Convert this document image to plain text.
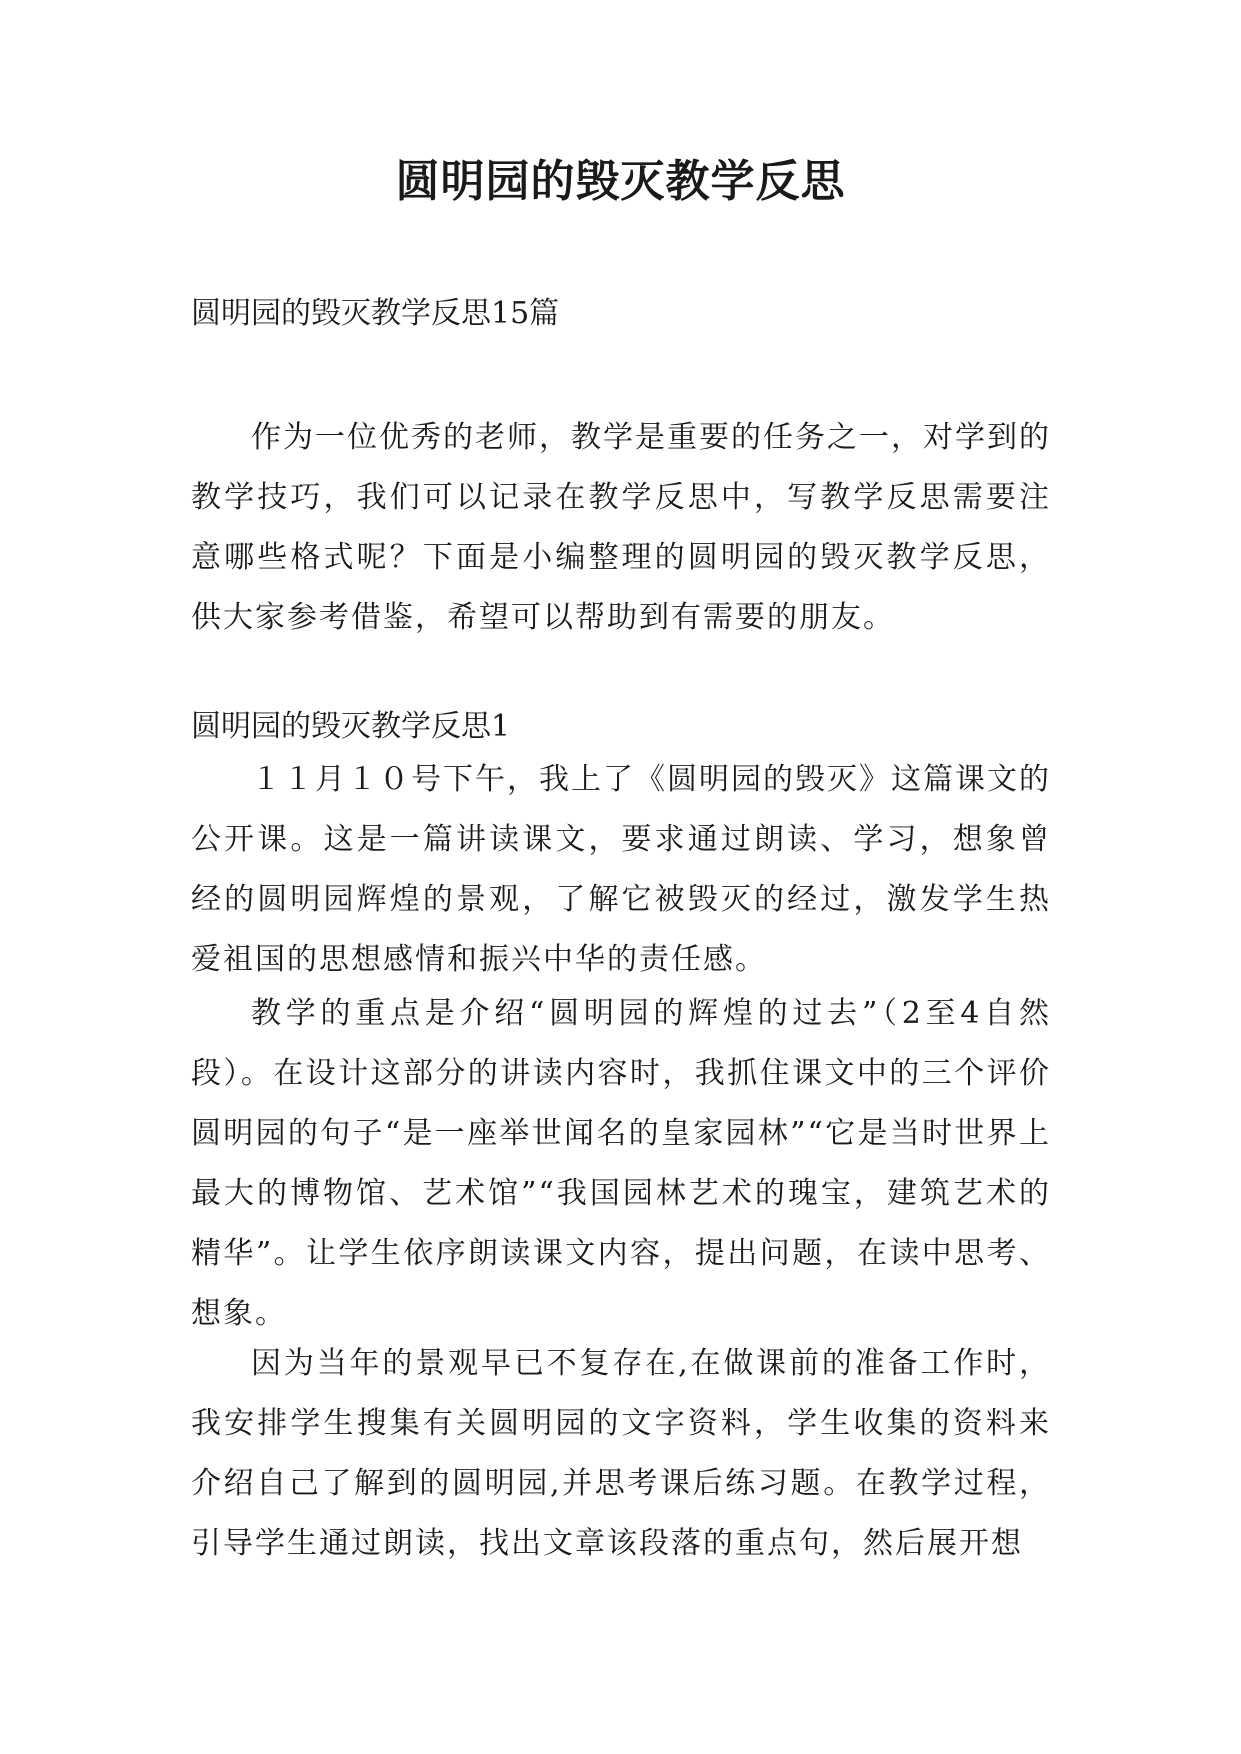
圆明园的毁灭教学反思

圆明园的毁灭教学反思15篇

作为一位优秀的老师，教学是重要的任务之一，对学到的教学技巧，我们可以记录在教学反思中，写教学反思需要注意哪些格式呢？下面是小编整理的圆明园的毁灭教学反思，供大家参考借鉴，希望可以帮助到有需要的朋友。

圆明园的毁灭教学反思1

１１月１０号下午，我上了《圆明园的毁灭》这篇课文的公开课。这是一篇讲读课文，要求通过朗读、学习，想象曾经的圆明园辉煌的景观，了解它被毁灭的经过，激发学生热爱祖国的思想感情和振兴中华的责任感。

教学的重点是介绍“圆明园的辉煌的过去”（2至4自然段）。在设计这部分的讲读内容时，我抓住课文中的三个评价圆明园的句子“是一座举世闻名的皇家园林”“它是当时世界上最大的博物馆、艺术馆”“我国园林艺术的瑰宝，建筑艺术的精华”。让学生依序朗读课文内容，提出问题，在读中思考、想象。

因为当年的景观早已不复存在,在做课前的准备工作时，我安排学生搜集有关圆明园的文字资料，学生收集的资料来介绍自己了解到的圆明园,并思考课后练习题。在教学过程，引导学生通过朗读，找出文章该段落的重点句，然后展开想
